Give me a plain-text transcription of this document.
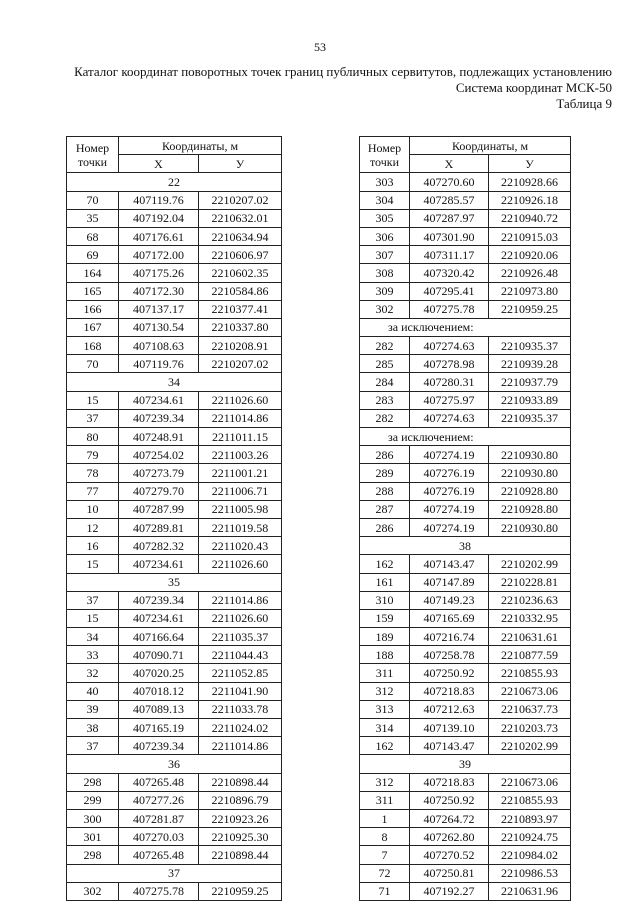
53
Каталог координат поворотных точек границ публичных сервитутов, подлежащих установлению
Система координат МСК-50
Таблица 9
Номер
точки	Координаты, м	
	X	У
22		
70	407119.76	2210207.02
35	407192.04	2210632.01
68	407176.61	2210634.94
69	407172.00	2210606.97
164	407175.26	2210602.35
165	407172.30	2210584.86
166	407137.17	2210377.41
167	407130.54	2210337.80
168	407108.63	2210208.91
70	407119.76	2210207.02
34		
15	407234.61	2211026.60
37	407239.34	2211014.86
80	407248.91	2211011.15
79	407254.02	2211003.26
78	407273.79	2211001.21
77	407279.70	2211006.71
10	407287.99	2211005.98
12	407289.81	2211019.58
16	407282.32	2211020.43
15	407234.61	2211026.60
35		
37	407239.34	2211014.86
15	407234.61	2211026.60
34	407166.64	2211035.37
33	407090.71	2211044.43
32	407020.25	2211052.85
40	407018.12	2211041.90
39	407089.13	2211033.78
38	407165.19	2211024.02
37	407239.34	2211014.86
36		
298	407265.48	2210898.44
299	407277.26	2210896.79
300	407281.87	2210923.26
301	407270.03	2210925.30
298	407265.48	2210898.44
37		
302	407275.78	2210959.25
Номер
точки	Координаты, м	
	X	У
303	407270.60	2210928.66
304	407285.57	2210926.18
305	407287.97	2210940.72
306	407301.90	2210915.03
307	407311.17	2210920.06
308	407320.42	2210926.48
309	407295.41	2210973.80
302	407275.78	2210959.25
за исключением:		
282	407274.63	2210935.37
285	407278.98	2210939.28
284	407280.31	2210937.79
283	407275.97	2210933.89
282	407274.63	2210935.37
за исключением:		
286	407274.19	2210930.80
289	407276.19	2210930.80
288	407276.19	2210928.80
287	407274.19	2210928.80
286	407274.19	2210930.80
38		
162	407143.47	2210202.99
161	407147.89	2210228.81
310	407149.23	2210236.63
159	407165.69	2210332.95
189	407216.74	2210631.61
188	407258.78	2210877.59
311	407250.92	2210855.93
312	407218.83	2210673.06
313	407212.63	2210637.73
314	407139.10	2210203.73
162	407143.47	2210202.99
39		
312	407218.83	2210673.06
311	407250.92	2210855.93
1	407264.72	2210893.97
8	407262.80	2210924.75
7	407270.52	2210984.02
72	407250.81	2210986.53
71	407192.27	2210631.96
